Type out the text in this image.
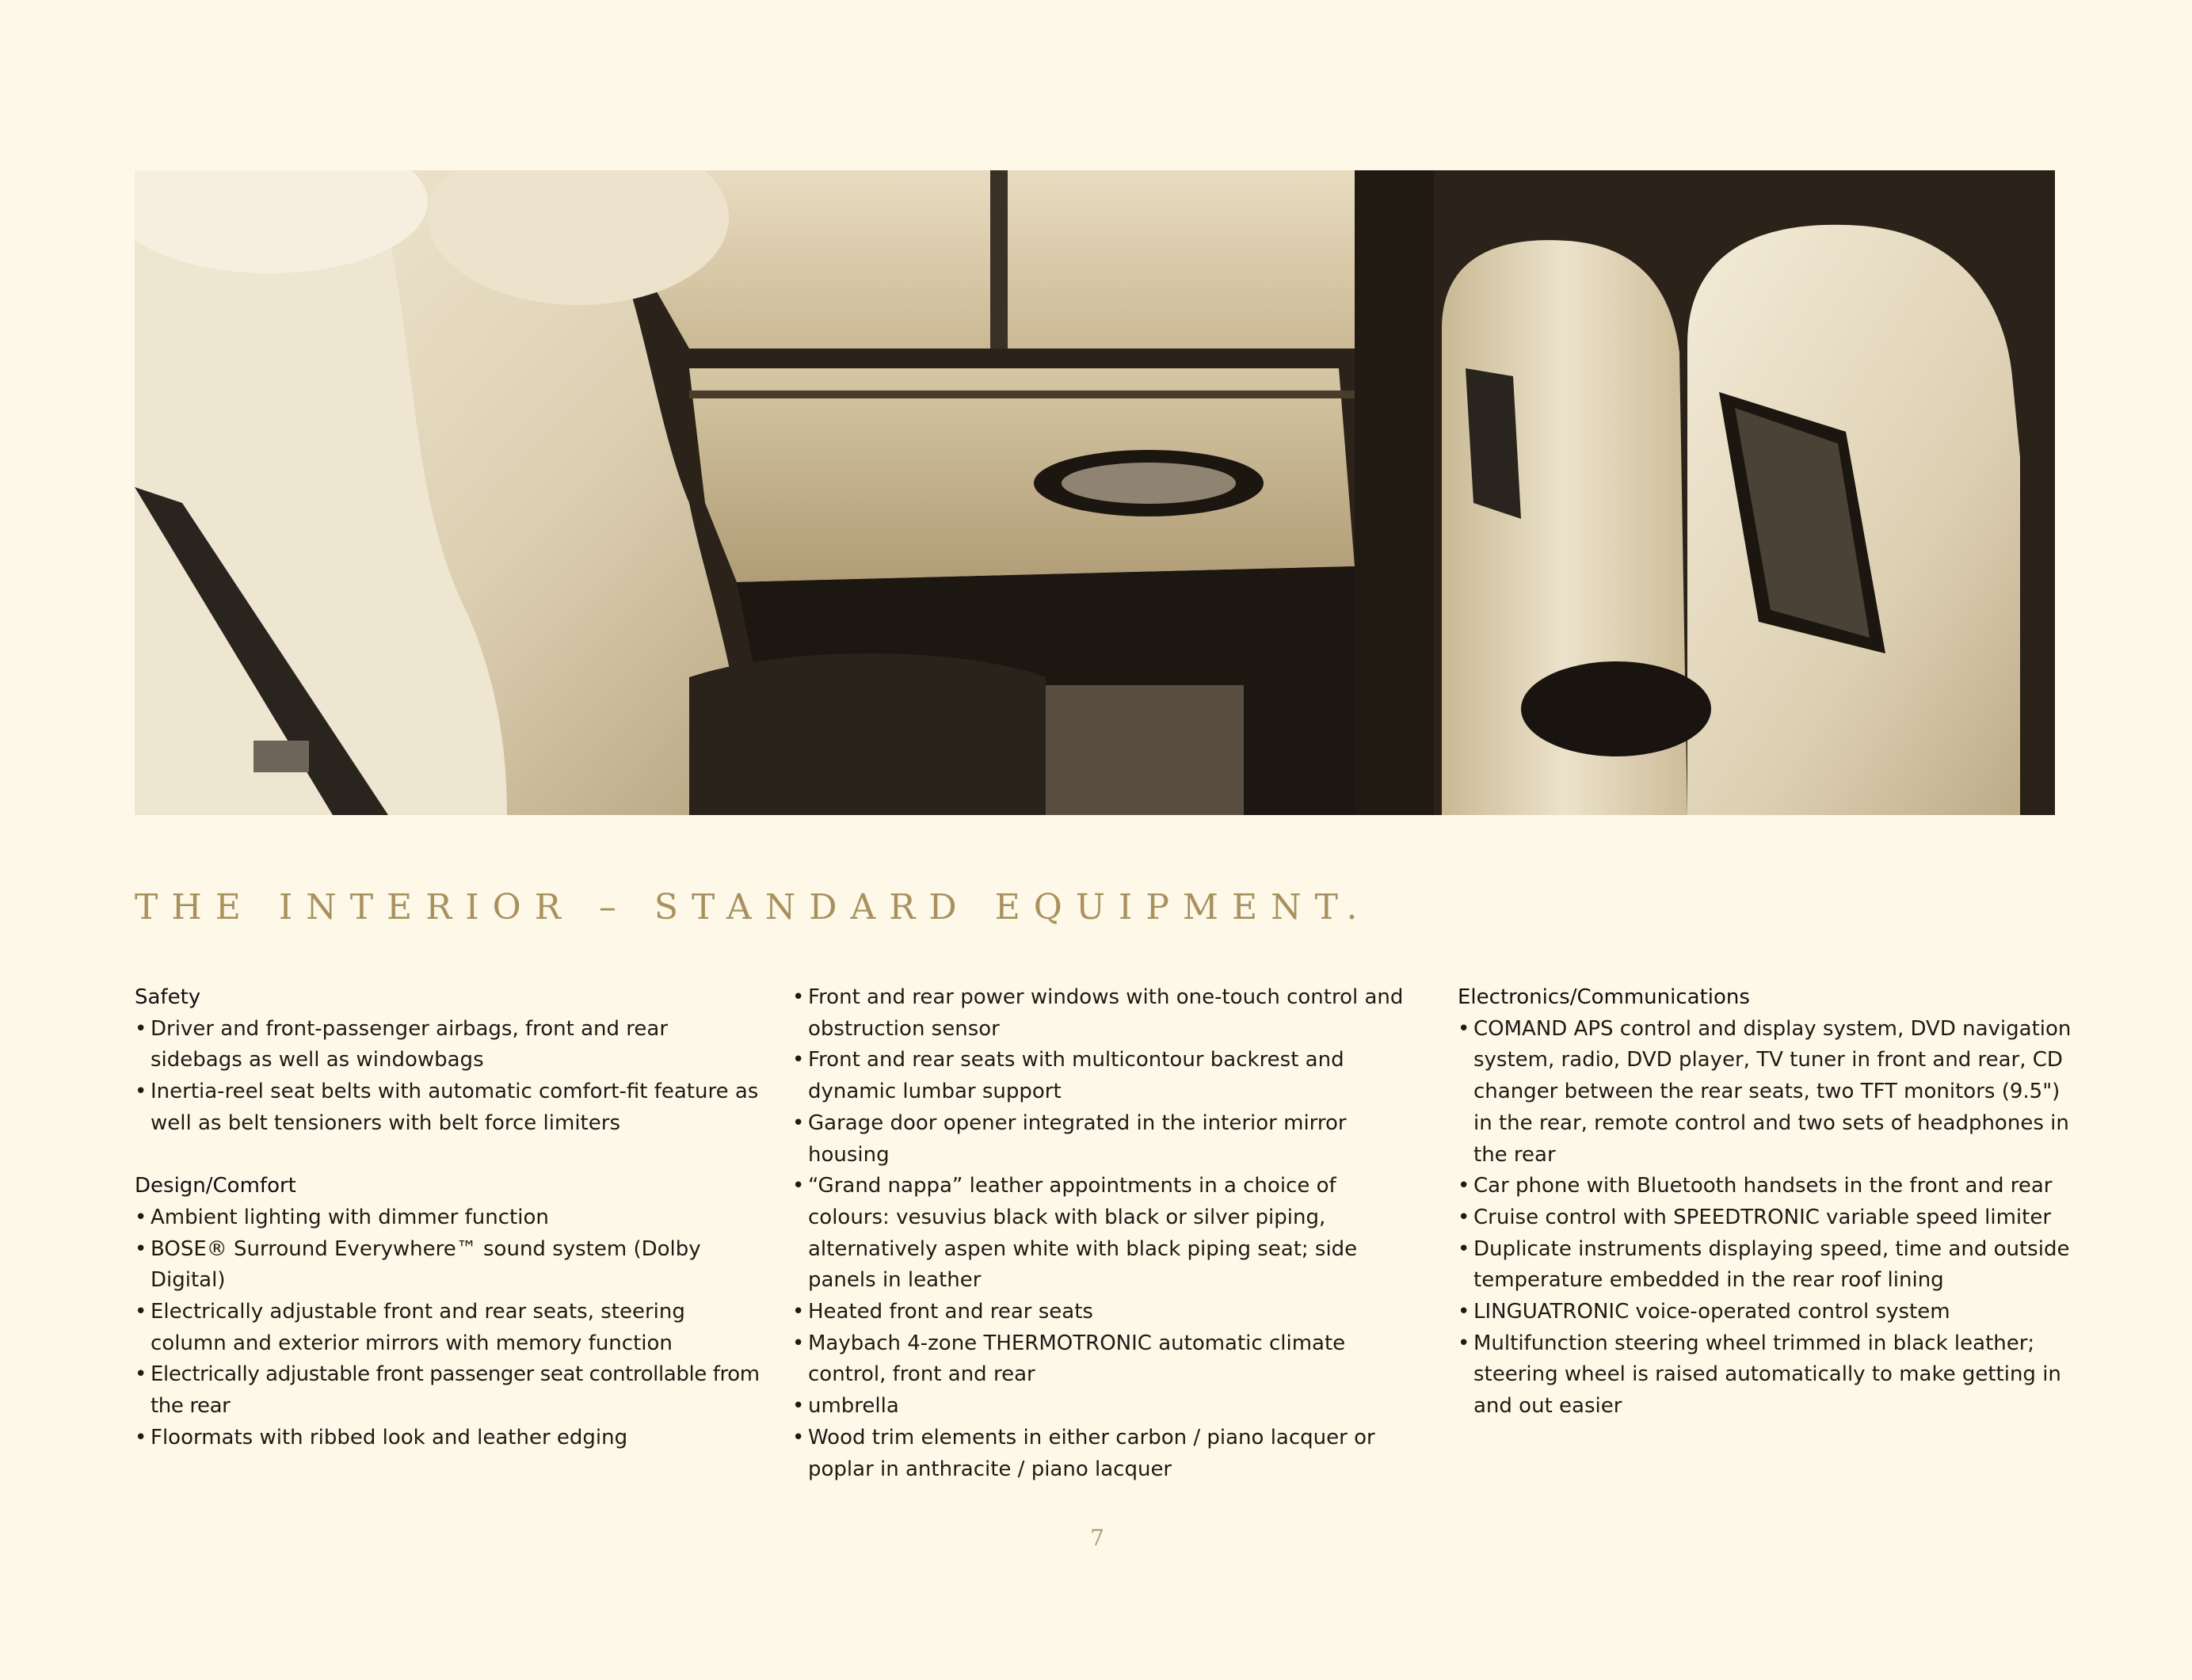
THE INTERIOR – STANDARD EQUIPMENT.

Safety

• Driver and front-passenger airbags, front and rear sidebags as well as windowbags
• Inertia-reel seat belts with automatic comfort-fit feature as well as belt tensioners with belt force limiters

Design/Comfort

• Ambient lighting with dimmer function
• BOSE® Surround Everywhere™ sound system (Dolby Digital)
• Electrically adjustable front and rear seats, steering column and exterior mirrors with memory function
• Electrically adjustable front passenger seat controllable from the rear
• Floormats with ribbed look and leather edging
• Front and rear power windows with one-touch control and obstruction sensor
• Front and rear seats with multicontour backrest and dynamic lumbar support
• Garage door opener integrated in the interior mirror housing
• “Grand nappa” leather appointments in a choice of colours: vesuvius black with black or silver piping, alternatively aspen white with black piping seat; side panels in leather
• Heated front and rear seats
• Maybach 4-zone THERMOTRONIC automatic climate control, front and rear
• umbrella
• Wood trim elements in either carbon / piano lacquer or poplar in anthracite / piano lacquer

Electronics/Communications

• COMAND APS control and display system, DVD navigation system, radio, DVD player, TV tuner in front and rear, CD changer between the rear seats, two TFT monitors (9.5") in the rear, remote control and two sets of headphones in the rear
• Car phone with Bluetooth handsets in the front and rear
• Cruise control with SPEEDTRONIC variable speed limiter
• Duplicate instruments displaying speed, time and outside temperature embedded in the rear roof lining
• LINGUATRONIC voice-operated control system
• Multifunction steering wheel trimmed in black leather; steering wheel is raised automatically to make getting in and out easier
7
